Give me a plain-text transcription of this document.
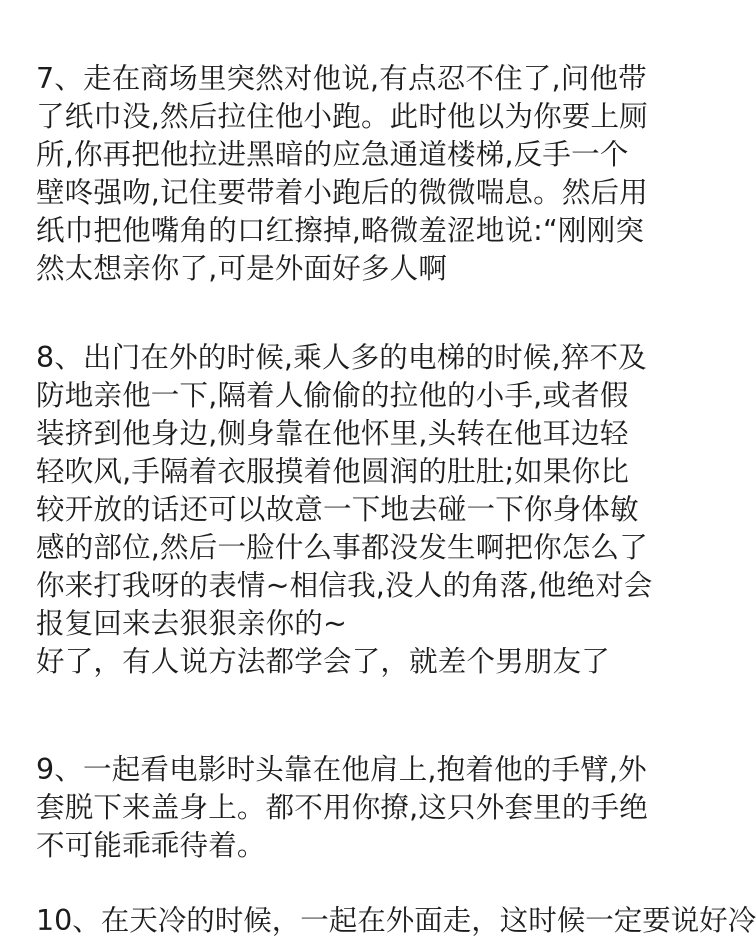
7、走在商场里突然对他说,有点忍不住了,问他带
了纸巾没,然后拉住他小跑。此时他以为你要上厕
所,你再把他拉进黑暗的应急通道楼梯,反手一个
壁咚强吻,记住要带着小跑后的微微喘息。然后用
纸巾把他嘴角的口红擦掉,略微羞涩地说:“刚刚突
然太想亲你了,可是外面好多人啊
8、出门在外的时候,乘人多的电梯的时候,猝不及
防地亲他一下,隔着人偷偷的拉他的小手,或者假
装挤到他身边,侧身靠在他怀里,头转在他耳边轻
轻吹风,手隔着衣服摸着他圆润的肚肚;如果你比
较开放的话还可以故意一下地去碰一下你身体敏
感的部位,然后一脸什么事都没发生啊把你怎么了
你来打我呀的表情~相信我,没人的角落,他绝对会
报复回来去狠狠亲你的~
好了，有人说方法都学会了，就差个男朋友了
9、一起看电影时头靠在他肩上,抱着他的手臂,外
套脱下来盖身上。都不用你撩,这只外套里的手绝
不可能乖乖待着。
10、在天冷的时候，一起在外面走，这时候一定要说好冷
